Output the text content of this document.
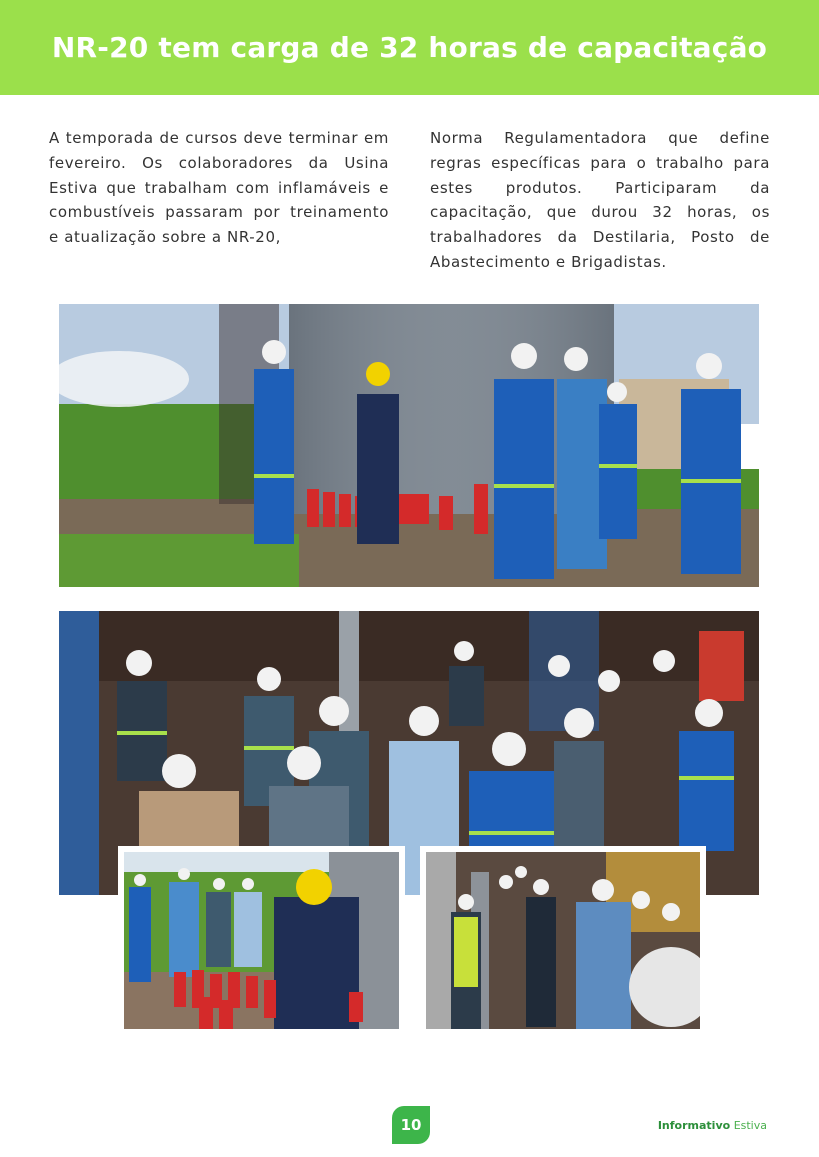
NR-20 tem carga de 32 horas de capacitação
A temporada de cursos deve terminar em fevereiro. Os colaboradores da Usina Estiva que trabalham com inflamáveis e combustíveis passaram por treinamento e atualização sobre a NR-20,
Norma Regulamentadora que define regras específicas para o trabalho para estes produtos. Participaram da capacitação, que durou 32 horas, os trabalhadores da Destilaria, Posto de Abastecimento e Brigadistas.
10	Informativo Estiva
